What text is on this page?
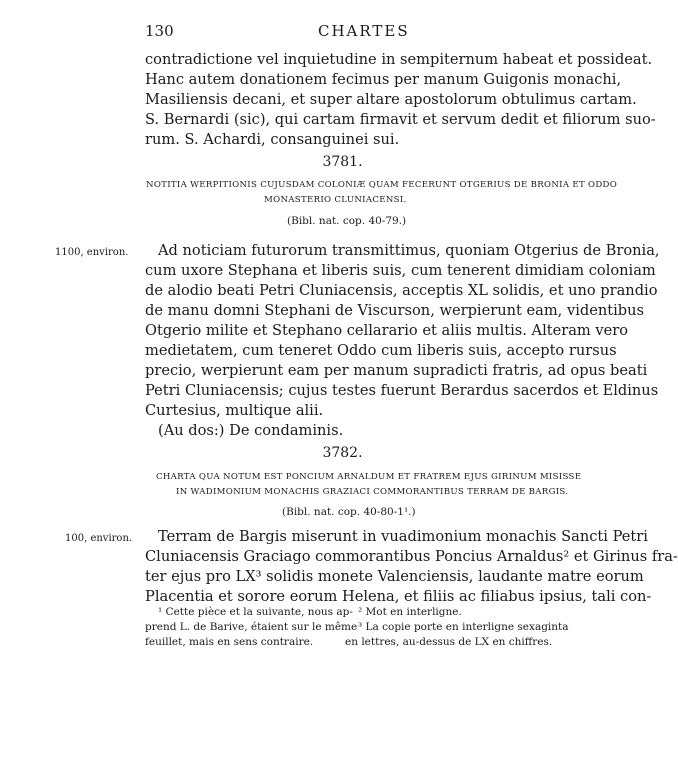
130	CHARTES
contradictione vel inquietudine in sempiternum habeat et possideat.
Hanc autem donationem fecimus per manum Guigonis monachi,
Masiliensis decani, et super altare apostolorum obtulimus cartam.
S. Bernardi (sic), qui cartam firmavit et servum dedit et filiorum suo-
rum. S. Achardi, consanguinei sui.
3781.
NOTITIA WERPITIONIS CUJUSDAM COLONIÆ QUAM FECERUNT OTGERIUS DE BRONIA ET ODDO
MONASTERIO CLUNIACENSI.
(Bibl. nat. cop. 40-79.)
1100, environ. Ad noticiam futurorum transmittimus, quoniam Otgerius de Bronia,
cum uxore Stephana et liberis suis, cum tenerent dimidiam coloniam
de alodio beati Petri Cluniacensis, acceptis XL solidis, et uno prandio
de manu domni Stephani de Viscurson, werpierunt eam, videntibus
Otgerio milite et Stephano cellarario et aliis multis. Alteram vero
medietatem, cum teneret Oddo cum liberis suis, accepto rursus
precio, werpierunt eam per manum supradicti fratris, ad opus beati
Petri Cluniacensis; cujus testes fuerunt Berardus sacerdos et Eldinus
Curtesius, multique alii.
(Au dos:) De condaminis.
3782.
CHARTA QUA NOTUM EST PONCIUM ARNALDUM ET FRATREM EJUS GIRINUM MISISSE
IN WADIMONIUM MONACHIS GRAZIACI COMMORANTIBUS TERRAM DE BARGIS.
(Bibl. nat. cop. 40-80-1¹.)
100, environ. Terram de Bargis miserunt in vuadimonium monachis Sancti Petri
Cluniacensis Graciago commorantibus Poncius Arnaldus² et Girinus fra-
ter ejus pro LX³ solidis monete Valenciensis, laudante matre eorum
Placentia et sorore eorum Helena, et filiis ac filiabus ipsius, tali con-
¹ Cette pièce et la suivante, nous ap-
prend L. de Barive, étaient sur le même
feuillet, mais en sens contraire.
² Mot en interligne.
³ La copie porte en interligne sexaginta
en lettres, au-dessus de LX en chiffres.
